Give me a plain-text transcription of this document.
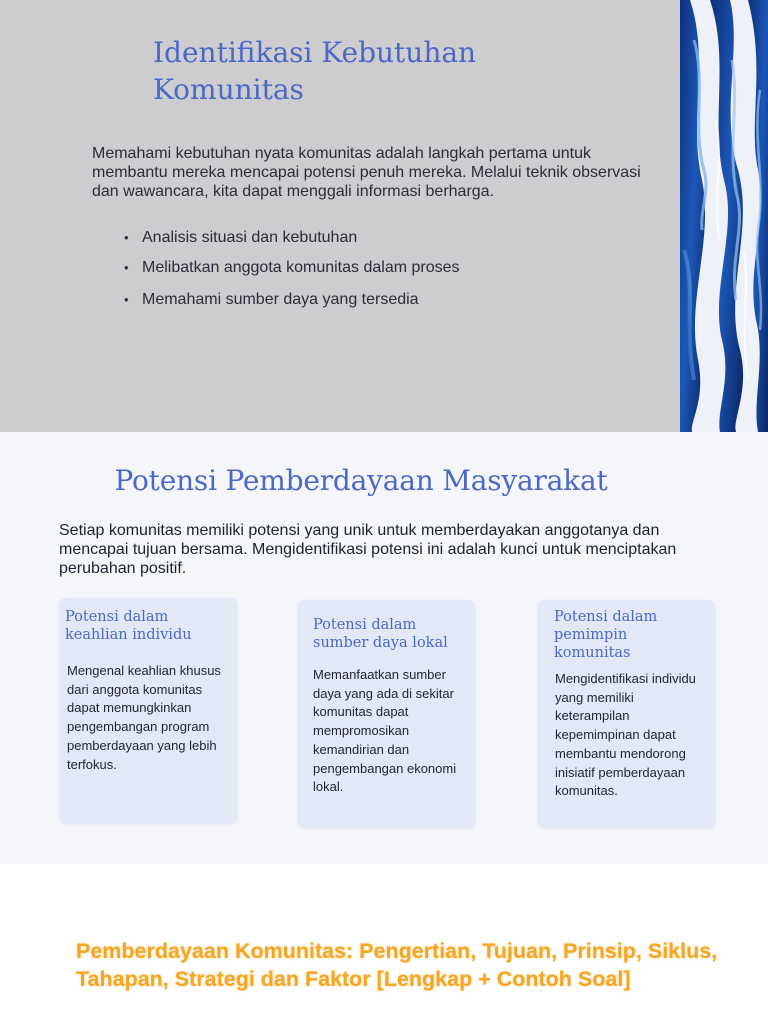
Identifikasi Kebutuhan Komunitas

Memahami kebutuhan nyata komunitas adalah langkah pertama untuk membantu mereka mencapai potensi penuh mereka. Melalui teknik observasi dan wawancara, kita dapat menggali informasi berharga.

• Analisis situasi dan kebutuhan
• Melibatkan anggota komunitas dalam proses
• Memahami sumber daya yang tersedia
Potensi Pemberdayaan Masyarakat

Setiap komunitas memiliki potensi yang unik untuk memberdayakan anggotanya dan mencapai tujuan bersama. Mengidentifikasi potensi ini adalah kunci untuk menciptakan perubahan positif.

Potensi dalam keahlian individu
Mengenal keahlian khusus dari anggota komunitas dapat memungkinkan pengembangan program pemberdayaan yang lebih terfokus.
Potensi dalam sumber daya lokal
Memanfaatkan sumber daya yang ada di sekitar komunitas dapat mempromosikan kemandirian dan pengembangan ekonomi lokal.
Potensi dalam pemimpin komunitas
Mengidentifikasi individu yang memiliki keterampilan kepemimpinan dapat membantu mendorong inisiatif pemberdayaan komunitas.
Pemberdayaan Komunitas: Pengertian, Tujuan, Prinsip, Siklus, Tahapan, Strategi dan Faktor [Lengkap + Contoh Soal]
